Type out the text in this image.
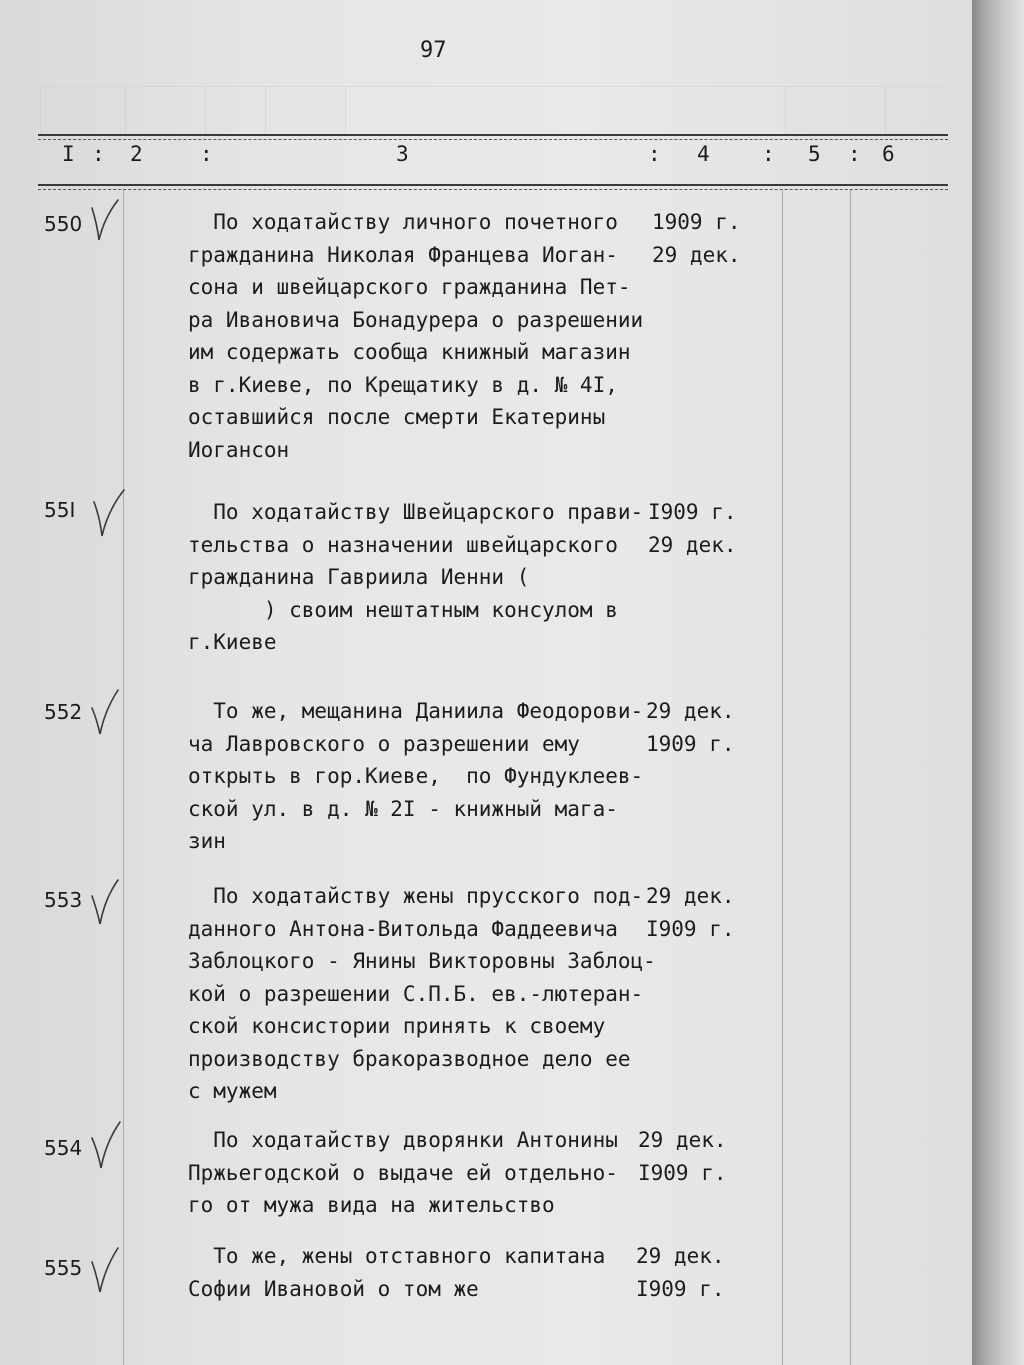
97
I : 2	:	3	: 4 : 5 : 6
550	По ходатайству личного почетного
гражданина Николая Францева Иоган-
сона и швейцарского гражданина Пет-
ра Ивановича Бонадурера о разрешении
им содержать сообща книжный магазин
в г.Киеве, по Крещатику в д. № 4I,
оставшийся после смерти Екатерины
Иогансон
1909 г.
29 дек.
55I	По ходатайству Швейцарского прави-
тельства о назначении швейцарского
гражданина Гавриила Иенни (
) своим нештатным консулом в
г.Киеве
I909 г.
29 дек.
552	То же, мещанина Даниила Феодорови-
ча Лавровского о разрешении ему
открыть в гор.Киеве,  по Фундуклеев-
ской ул. в д. № 2I - книжный мага-
зин
29 дек.
1909 г.
553	По ходатайству жены прусского под-
данного Антона-Витольда Фаддеевича
Заблоцкого - Янины Викторовны Заблоц-
кой о разрешении С.П.Б. ев.-лютеран-
ской консистории принять к своему
производству бракоразводное дело ее
с мужем
29 дек.
I909 г.
554	По ходатайству дворянки Антонины
Пржьегодской о выдаче ей отдельно-
го от мужа вида на жительство
29 дек.
I909 г.
555	То же, жены отставного капитана
Софии Ивановой о том же
29 дек.
I909 г.
